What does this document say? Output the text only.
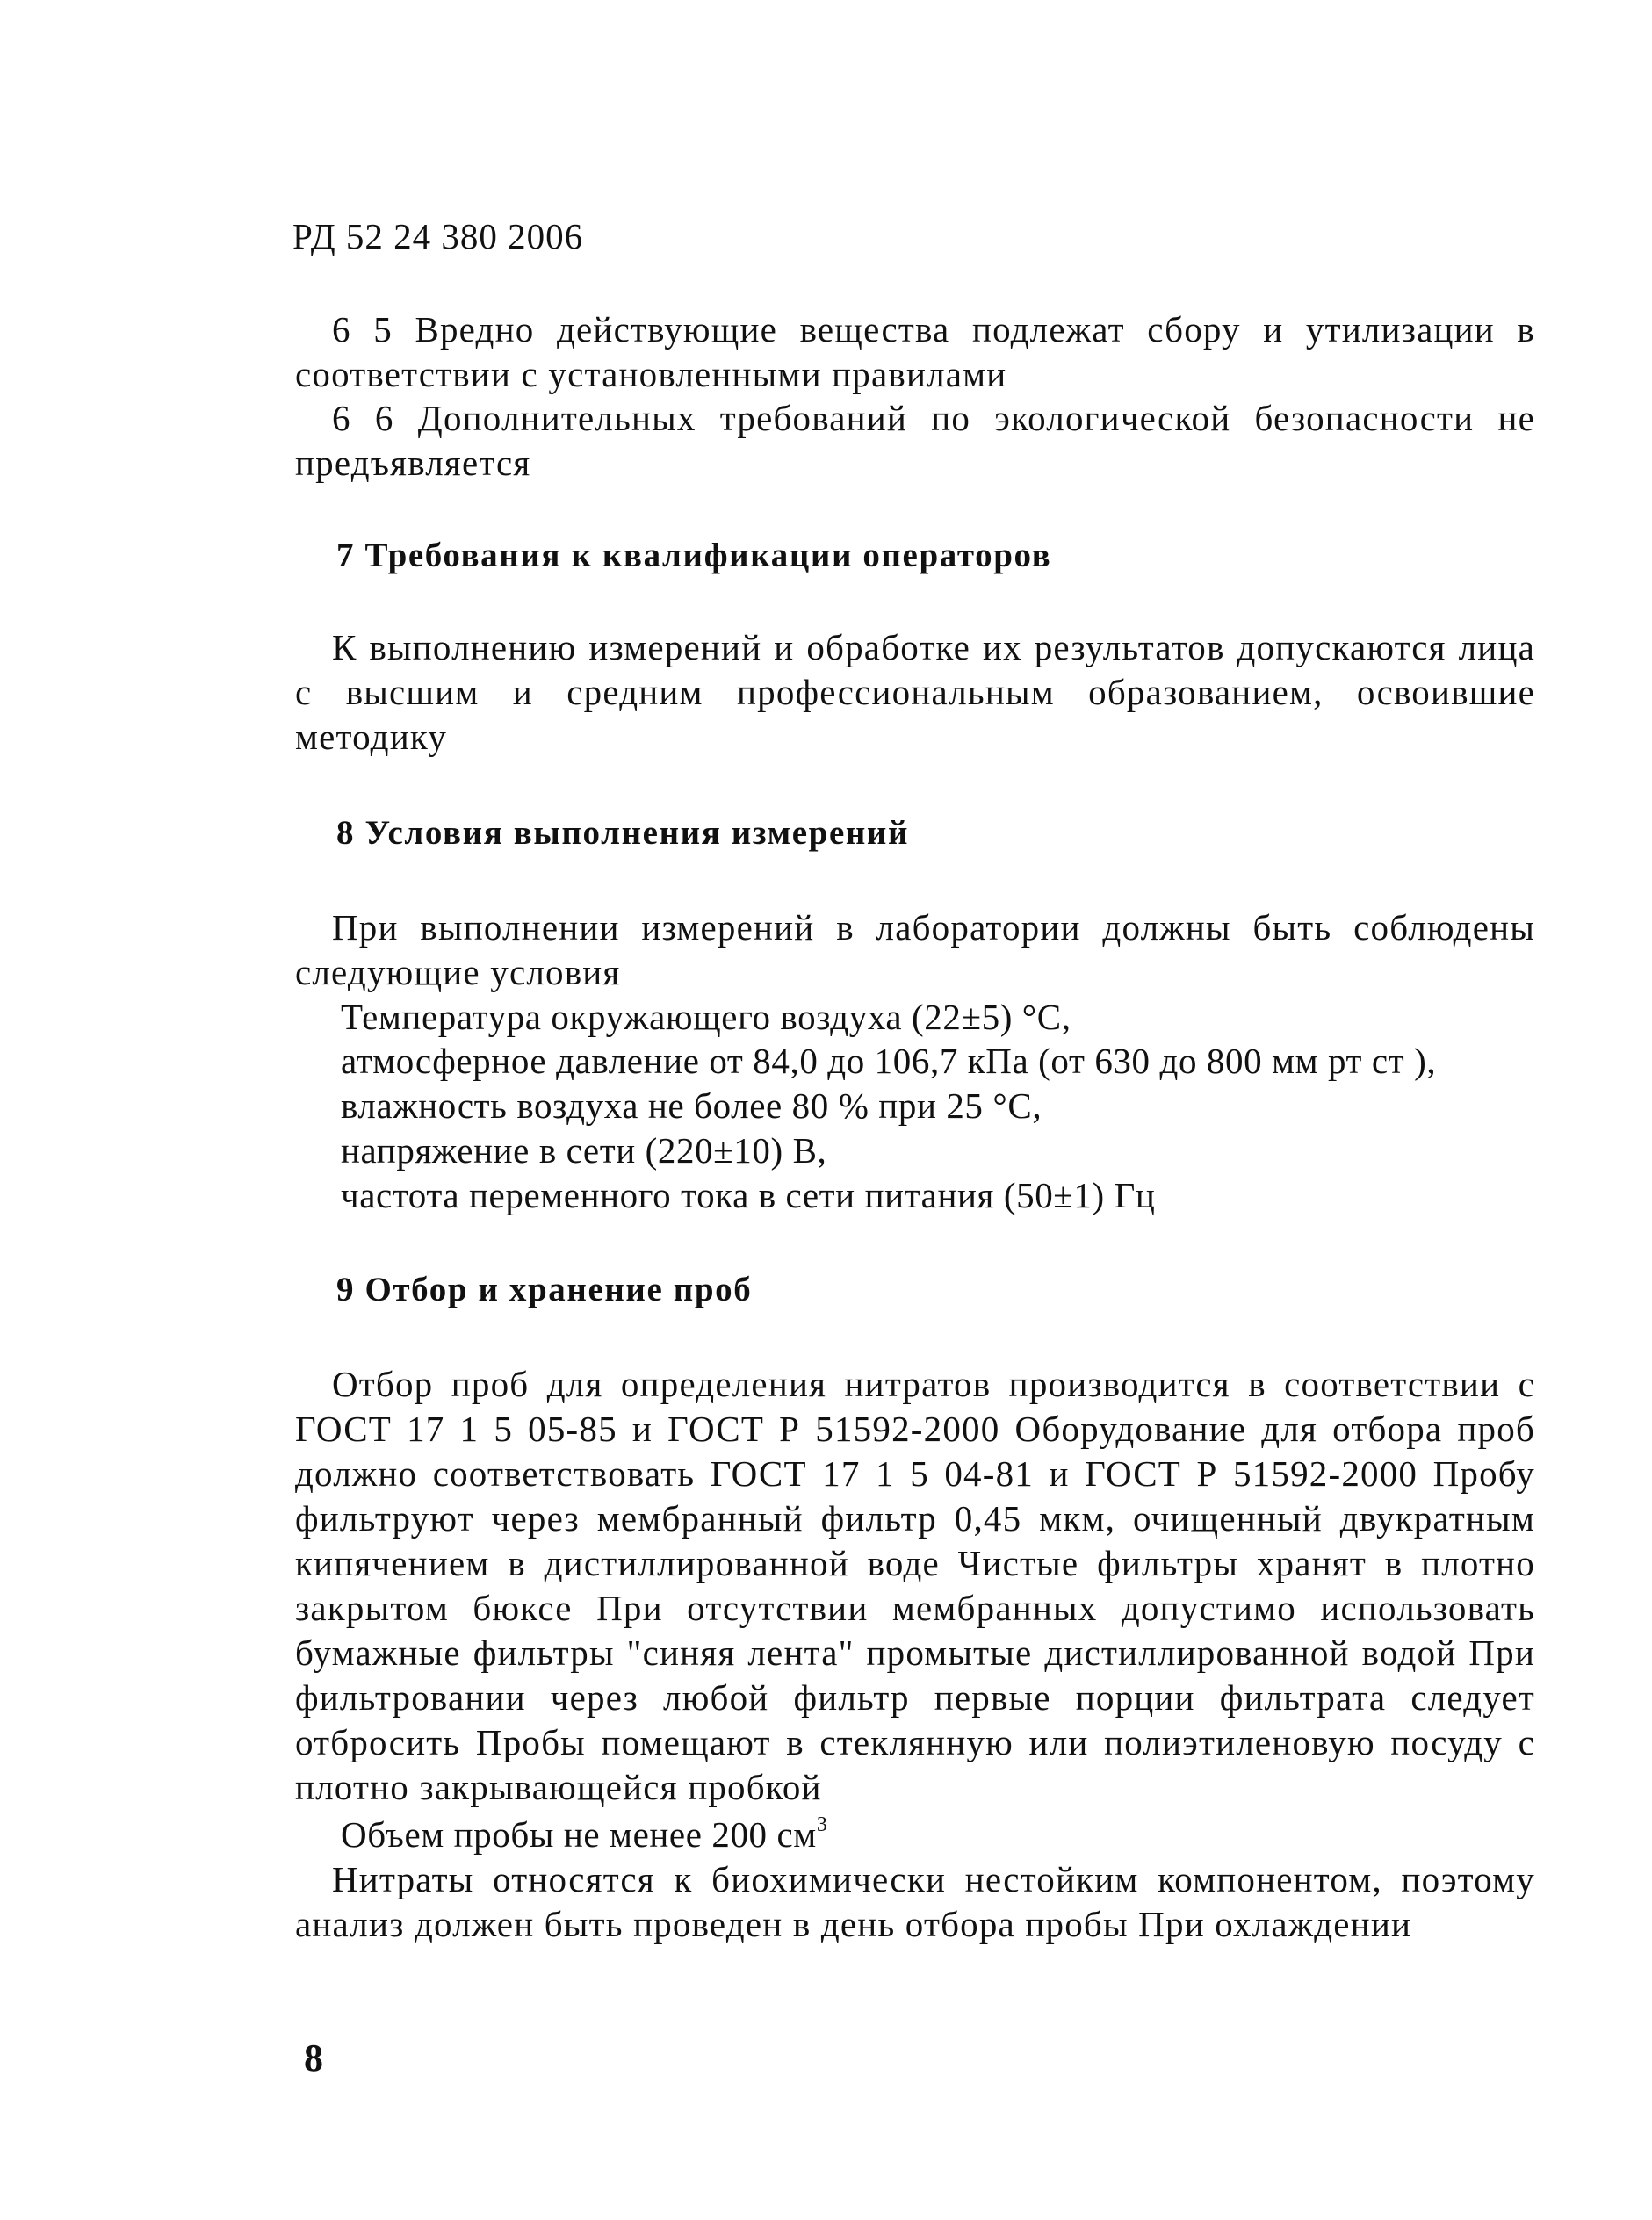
РД 52 24 380 2006
6 5 Вредно действующие вещества подлежат сбору и утилизации в соответствии с установленными правилами
6 6 Дополнительных требований по экологической безопасности не предъявляется
7 Требования к квалификации операторов
К выполнению измерений и обработке их результатов допускаются лица с высшим и средним профессиональным образованием, освоившие методику
8 Условия выполнения измерений
При выполнении измерений в лаборатории должны быть соблюдены следующие условия
Температура окружающего воздуха (22±5) °С,
атмосферное давление от 84,0 до 106,7 кПа (от 630 до 800 мм рт ст ),
влажность воздуха не более 80 % при 25 °С,
напряжение в сети (220±10) В,
частота переменного тока в сети питания (50±1) Гц
9 Отбор и хранение проб
Отбор проб для определения нитратов производится в соответствии с ГОСТ 17 1 5 05-85 и ГОСТ Р 51592-2000 Оборудование для отбора проб должно соответствовать ГОСТ 17 1 5 04-81 и ГОСТ Р 51592-2000 Пробу фильтруют через мембранный фильтр 0,45 мкм, очищенный двукратным кипячением в дистиллированной воде Чистые фильтры хранят в плотно закрытом бюксе При отсутствии мембранных допустимо использовать бумажные фильтры "синяя лента" промытые дистиллированной водой При фильтровании через любой фильтр первые порции фильтрата следует отбросить Пробы помещают в стеклянную или полиэтиленовую посуду с плотно закрывающейся пробкой
Объем пробы не менее 200 $см^3$
Нитраты относятся к биохимически нестойким компонентом, поэтому анализ должен быть проведен в день отбора пробы При охлаждении
8
